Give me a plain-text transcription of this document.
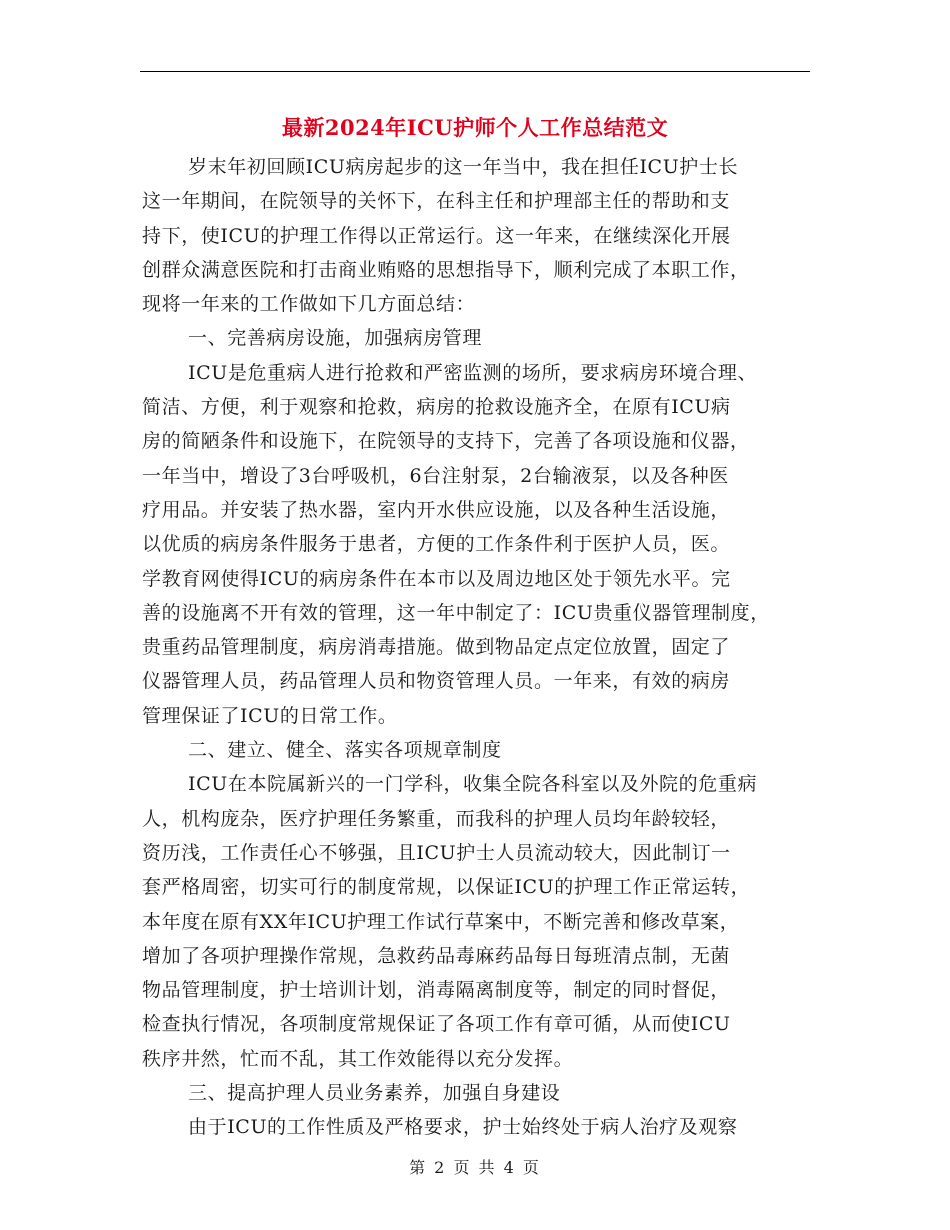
最新2024年ICU护师个人工作总结范文
岁末年初回顾ICU病房起步的这一年当中，我在担任ICU护士长
这一年期间，在院领导的关怀下，在科主任和护理部主任的帮助和支
持下，使ICU的护理工作得以正常运行。这一年来，在继续深化开展
创群众满意医院和打击商业贿赂的思想指导下，顺利完成了本职工作，
现将一年来的工作做如下几方面总结：
一、完善病房设施，加强病房管理
ICU是危重病人进行抢救和严密监测的场所，要求病房环境合理、
简洁、方便，利于观察和抢救，病房的抢救设施齐全，在原有ICU病
房的简陋条件和设施下，在院领导的支持下，完善了各项设施和仪器，
一年当中，增设了3台呼吸机，6台注射泵，2台输液泵，以及各种医
疗用品。并安装了热水器，室内开水供应设施，以及各种生活设施，
以优质的病房条件服务于患者，方便的工作条件利于医护人员，医。
学教育网使得ICU的病房条件在本市以及周边地区处于领先水平。完
善的设施离不开有效的管理，这一年中制定了：ICU贵重仪器管理制度，
贵重药品管理制度，病房消毒措施。做到物品定点定位放置，固定了
仪器管理人员，药品管理人员和物资管理人员。一年来，有效的病房
管理保证了ICU的日常工作。
二、建立、健全、落实各项规章制度
ICU在本院属新兴的一门学科，收集全院各科室以及外院的危重病
人，机构庞杂，医疗护理任务繁重，而我科的护理人员均年龄较轻，
资历浅，工作责任心不够强，且ICU护士人员流动较大，因此制订一
套严格周密，切实可行的制度常规，以保证ICU的护理工作正常运转，
本年度在原有XX年ICU护理工作试行草案中，不断完善和修改草案，
增加了各项护理操作常规，急救药品毒麻药品每日每班清点制，无菌
物品管理制度，护士培训计划，消毒隔离制度等，制定的同时督促，
检查执行情况，各项制度常规保证了各项工作有章可循，从而使ICU
秩序井然，忙而不乱，其工作效能得以充分发挥。
三、提高护理人员业务素养，加强自身建设
由于ICU的工作性质及严格要求，护士始终处于病人治疗及观察
第 2 页 共 4 页
